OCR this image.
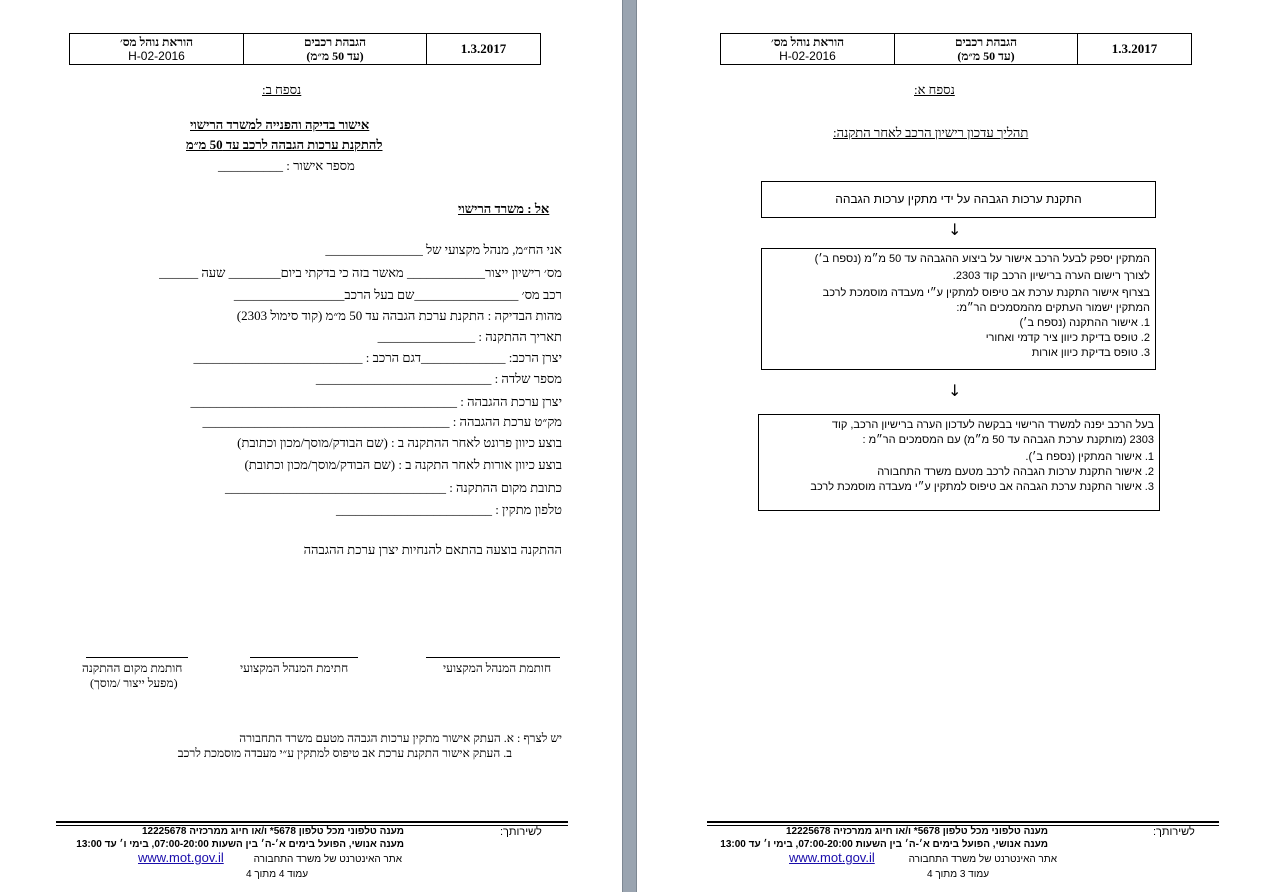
הוראת נוהל מס׳
H-02-2016
הגבהת רכבים
(עד 50 מ״מ)	1.3.2017
נספח ב:
אישור בדיקה והפנייה למשרד הרישוי
להתקנת ערכות הגבהה לרכב עד 50 מ״מ
מספר אישור : __________
אל : משרד הרישוי
אני הח״מ, מנהל מקצועי של _______________
מס׳ רישיון ייצור____________ מאשר בזה כי בדקתי ביום________ שעה ______
רכב מס׳ ________________שם בעל הרכב_________________
מהות הבדיקה : התקנת ערכת הגבהה עד 50 מ״מ (קוד סימול 2303)
תאריך ההתקנה : _______________
יצרן הרכב: _____________דגם הרכב : __________________________
מספר שלדה : ___________________________
יצרן ערכת ההגבהה : _________________________________________
מק״ט ערכת ההגבהה : ______________________________________
בוצע כיוון פרונט לאחר ההתקנה ב : (שם הבודק/מוסך/מכון וכתובת)
בוצע כיוון אורות לאחר התקנה ב : (שם הבודק/מוסך/מכון וכתובת)
כתובת מקום ההתקנה : __________________________________
טלפון מתקין : ________________________
ההתקנה בוצעה בהתאם להנחיות יצרן ערכת ההגבהה
חותמת המנהל המקצועי
חתימת המנהל המקצועי
חותמת מקום ההתקנה
(מפעל ייצור /מוסך)
יש לצרף : א. העתק אישור מתקין ערכות הגבהה מטעם משרד התחבורה
ב. העתק אישור התקנת ערכת אב טיפוס למתקין ע״י מעבדה מוסמכת לרכב
לשירותך:
מענה טלפוני מכל טלפון 5678* ו/או חיוג ממרכזיה 12225678
מענה אנושי, הפועל בימים א׳-ה׳ בין השעות 07:00-20:00, בימי ו׳ עד 13:00
אתר האינטרנט של משרד התחבורה
www.mot.gov.il
עמוד 4 מתוך 4
הוראת נוהל מס׳
H-02-2016
הגבהת רכבים
(עד 50 מ״מ)	1.3.2017
נספח א:
תהליך עדכון רישיון הרכב לאחר התקנה:
התקנת ערכות הגבהה על ידי מתקין ערכות הגבהה
↓
המתקין יספק לבעל הרכב אישור על ביצוע ההגבהה עד 50 מ״מ (נספח ב׳)
לצורך רישום הערה ברישיון הרכב קוד 2303.
בצרוף אישור התקנת ערכת אב טיפוס למתקין ע״י מעבדה מוסמכת לרכב
המתקין ישמור העתקים מהמסמכים הר״מ:
1. אישור ההתקנה (נספח ב׳)
2. טופס בדיקת כיוון ציר קדמי ואחורי
3. טופס בדיקת כיוון אורות
↓
בעל הרכב יפנה למשרד הרישוי בבקשה לעדכון הערה ברישיון הרכב, קוד
2303 (מותקנת ערכת הגבהה עד 50 מ״מ) עם המסמכים הר״מ :
1. אישור המתקין (נספח ב׳).
2. אישור התקנת ערכות הגבהה לרכב מטעם משרד התחבורה
3. אישור התקנת ערכת הגבהה אב טיפוס למתקין ע״י מעבדה מוסמכת לרכב
לשירותך:
מענה טלפוני מכל טלפון 5678* ו/או חיוג ממרכזיה 12225678
מענה אנושי, הפועל בימים א׳-ה׳ בין השעות 07:00-20:00, בימי ו׳ עד 13:00
אתר האינטרנט של משרד התחבורה
www.mot.gov.il
עמוד 3 מתוך 4
